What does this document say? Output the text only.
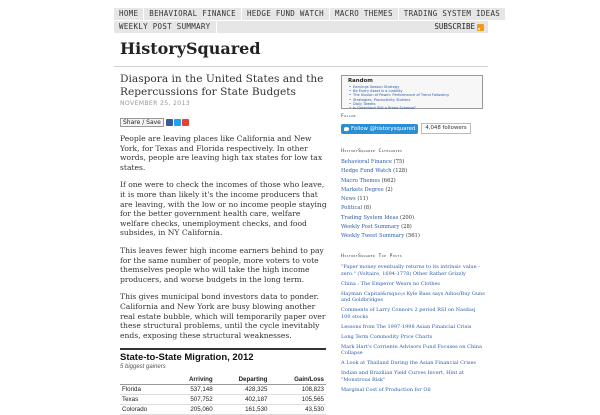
HOME	BEHAVIORAL FINANCE	HEDGE FUND WATCH	MACRO THEMES	TRADING SYSTEM IDEAS
WEEKLY POST SUMMARY	SUBSCRIBE
HistorySquared
Diaspora in the United States and the Repercussions for State Budgets
NOVEMBER 25, 2013
Share / Save

People are leaving places like California and New York, for Texas and Florida respectively. In other words, people are leaving high tax states for low tax states.

If one were to check the incomes of those who leave, it is more than likely it's the income producers that are leaving, with the low or no income people staying for the better government health care, welfare welfare checks, unemployment checks, and food subsides, in NY California.

This leaves fewer high income earners behind to pay for the same number of people, more voters to vote themselves people who will take the high income producers, and worse budgets in the long term.

This gives municipal bond investors data to ponder. California and New York are busy blowing another real estate bubble, which will temporarily paper over these structural problems, until the cycle inevitably ends, exposing these structural weaknesses.

State-to-State Migration, 2012
5 biggest gainers
	Arriving	Departing	Gain/Loss
Florida	537,148	428,325	108,823
Texas	507,752	402,187	105,565
Colorado	205,060	161,530	43,530
Random
• Earnings Season Strategy
• Be Every Asset is a Liability
• The Illusion of Power: Performance of Trend Following
• Strategies, Productivity Stutters
• Daily Tweets
• Is Greenland Still a Prime Scheme?
Follow
Follow @historysquared	4,048 followers
HistorySquared Categories
Behavioral Finance (75)
Hedge Fund Watch (128)
Macro Themes (662)
Markets Degree (2)
News (11)
Political (8)
Trading System Ideas (200)
Weekly Post Summary (28)
Weekly Tweet Summary (561)
HistorySquared Top Posts
"Paper money eventually returns to its intrinsic value - zero." (Voltaire, 1694-1778) Other Rather Grizzly
China : The Emperor Wears no Clothes
Hayman Capital&rsquo;s Kyle Bass says Adios/Buy Guns and Goldbridges
Comments of Larry Connors 2 period RSI on Nasdaq 100 stocks
Lessons from The 1997-1998 Asian Financial Crisis
Long Term Commodity Price Charts
Mark Hart's Corriente Advisors Fund Focuses on China Collapse
A Look at Thailand During the Asian Financial Crises
Indian and Brazilian Yield Curves Invert, Hint at "Monstrous Risk"
Marginal Cost of Production for Oil
